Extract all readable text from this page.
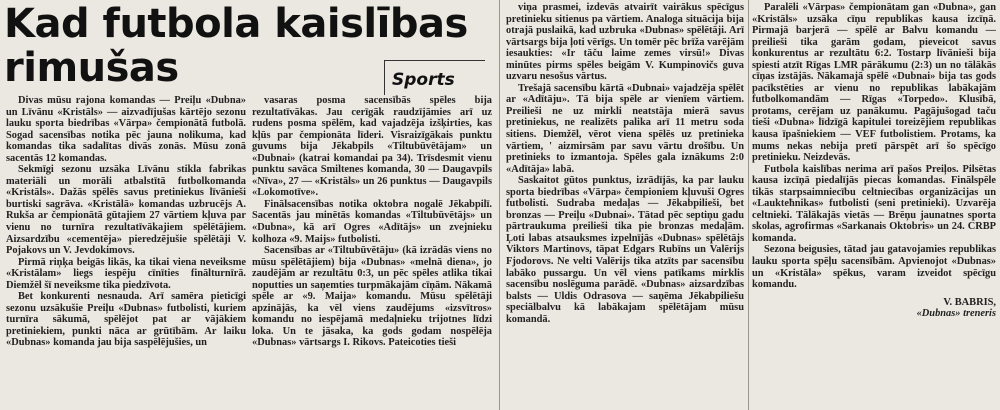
Kad futbola kaislības
rimušas	Sports

Divas mūsu rajona komandas — Preiļu «Dubna» un Līvānu «Kristāls» — aizvadījušas kārtējo sezonu lauku sporta biedrības «Vārpa» čempionātā futbolā. Sogad sacensības notika pēc jauna nolikuma, kad komandas tika sadalītas divās zonās. Mūsu zonā sacentās 12 komandas.

Sekmīgi sezonu uzsāka Līvānu stikla fabrikas materiāli un morāli atbalstītā futbolkomanda «Kristāls». Dažās spēlēs savus pretiniekus līvānieši burtiski sagrāva. «Kristālā» komandas uzbrucējs A. Rukša ar čempionātā gūtajiem 27 vārtiem kļuva par vienu no turnīra rezultatīvākajiem spēlētājiem. Aizsardzību «cementēja» pieredzējušie spēlētāji V. Pojakovs un V. Jevdokimovs.

Pirmā riņķa beigās likās, ka tikai viena neveiksme «Kristālam» liegs iespēju cīnīties finālturnīrā. Diemžēl šī neveiksme tika piedzīvota.

Bet konkurenti nesnauda. Arī samēra pieticīgi sezonu uzsākušie Preiļu «Dubnas» futbolisti, kuriem turnīra sākumā, spēlējot pat ar vājākiem pretiniekiem, punkti nāca ar grūtībām. Ar laiku «Dubnas» komanda jau bija saspēlējušies, un

vasaras posma sacensībās spēles bija rezultatīvākas. Jau cerīgāk raudzījāmies arī uz rudens posma spēlēm, kad vajadzēja izšķirties, kas kļūs par čempionāta līderi. Visraizīgākais punktu guvums bija Jēkabpils «Tiltubūvētājam» un «Dubnai» (katrai komandai pa 34). Trīsdesmit vienu punktu savāca Smiltenes komanda, 30 — Daugavpils «Nīva», 27 — «Kristāls» un 26 punktus — Daugavpils «Lokomotīve».

Finālsacensības notika oktobra nogalē Jēkabpilī. Sacentās jau minētās komandas «Tiltubūvētājs» un «Dubna», kā arī Ogres «Adītājs» un zvejnieku kolhoza «9. Maijs» futbolisti.

Sacensības ar «Tiltubūvētāju» (kā izrādās viens no mūsu spēlētājiem) bija «Dubnas» «melnā diena», jo zaudējām ar rezultātu 0:3, un pēc spēles atlika tikai noputties un saņemties turpmākajām cīņām. Nākamā spēle ar «9. Maija» komandu. Mūsu spēlētāji apzinājās, ka vēl viens zaudējums «izsvītros» komandu no iespējamā medaļnieku trijotnes līdzi loka. Un te jāsaka, ka gods godam nospēlēja «Dubnas» vārtsargs I. Rikovs. Pateicoties tieši

viņa prasmei, izdevās atvairīt vairākus spēcīgus pretinieku sitienus pa vārtiem. Analoga situācija bija otrajā puslaikā, kad uzbruka «Dubnas» spēlētāji. Arī vārtsargs bija ļoti vērīgs. Un tomēr pēc brīža varējām iesaukties: «Ir tāču laime zemes virsū!» Divas minūtes pirms spēles beigām V. Kumpinovičs guva uzvaru nesošus vārtus.

Trešajā sacensību kārtā «Dubnai» vajadzēja spēlēt ar «Adītāju». Tā bija spēle ar vienīem vārtiem. Preilieši ne uz mirkli neatstāja mierā savus pretiniekus, ne realizēts palika arī 11 metru soda sitiens. Diemžēl, vērot viena spēlēs uz pretinieka vārtiem, ' aizmirsām par savu vārtu drošību. Un pretinieks to izmantoja. Spēles gala iznākums 2:0 «Adītāja» labā.

Saskaitot gūtos punktus, izrādījās, ka par lauku sporta biedrības «Vārpa» čempioniem kļuvuši Ogres futbolisti. Sudraba medaļas — Jēkabpilieši, bet bronzas — Preiļu «Dubnai». Tātad pēc septiņu gadu pārtraukuma preilieši tika pie bronzas medaļām. Ļoti labas atsauksmes izpelnījās «Dubnas» spēlētājs Viktors Martinovs, tāpat Edgars Rubīns un Valērijs Fjodorovs. Ne velti Valērijs tika atzīts par sacensību labāko pussargu. Un vēl viens patīkams mirklis sacensību noslēguma parādē. «Dubnas» aizsardzības balsts — Uldis Odrasova — saņēma Jēkabpiliešu speciālbalvu kā labākajam spēlētājam mūsu komandā.

Paralēli «Vārpas» čempionātam gan «Dubna», gan «Kristāls» uzsāka cīņu republikas kausa izcīņā. Pirmajā barjerā — spēlē ar Balvu komandu — preilieši tika garām godam, pieveicot savus konkurentus ar rezultātu 6:2. Tostarp līvānieši bija spiesti atzīt Rīgas LMR pārākumu (2:3) un no tālākās cīņas izstājās. Nākamajā spēlē «Dubnai» bija tas gods pacīkstēties ar vienu no republikas labākajām futbolkomandām — Rīgas «Torpedo». Klusībā, protams, cerējam uz panākumu. Pagājušogad taču tieši «Dubna» līdzīgā kapitulei toreizējiem republikas kausa īpašniekiem — VEF futbolistiem. Protams, ka mums nekas nebija pretī pārspēt arī šo spēcīgo pretinieku. Neizdevās.

Futbola kaislības nerima arī pašos Preiļos. Pilsētas kausa izcīņā piedalījās piecas komandas. Finālspēle tikās starpsaimniecību celtniecības organizācijas un «Laukteħnikas» futbolisti (seni pretinieki). Uzvarēja celtnieki. Tālākajās vietās — Brēņu jaunatnes sporta skolas, agrofirmas «Sarkanais Oktobris» un 24. CRBP komanda.

Sezona beigusies, tātad jau gatavojamies republikas lauku sporta spēļu sacensībām. Apvienojot «Dubnas» un «Kristāla» spēkus, varam izveidot spēcīgu komandu.

V. BABRIS,

«Dubnas» treneris
